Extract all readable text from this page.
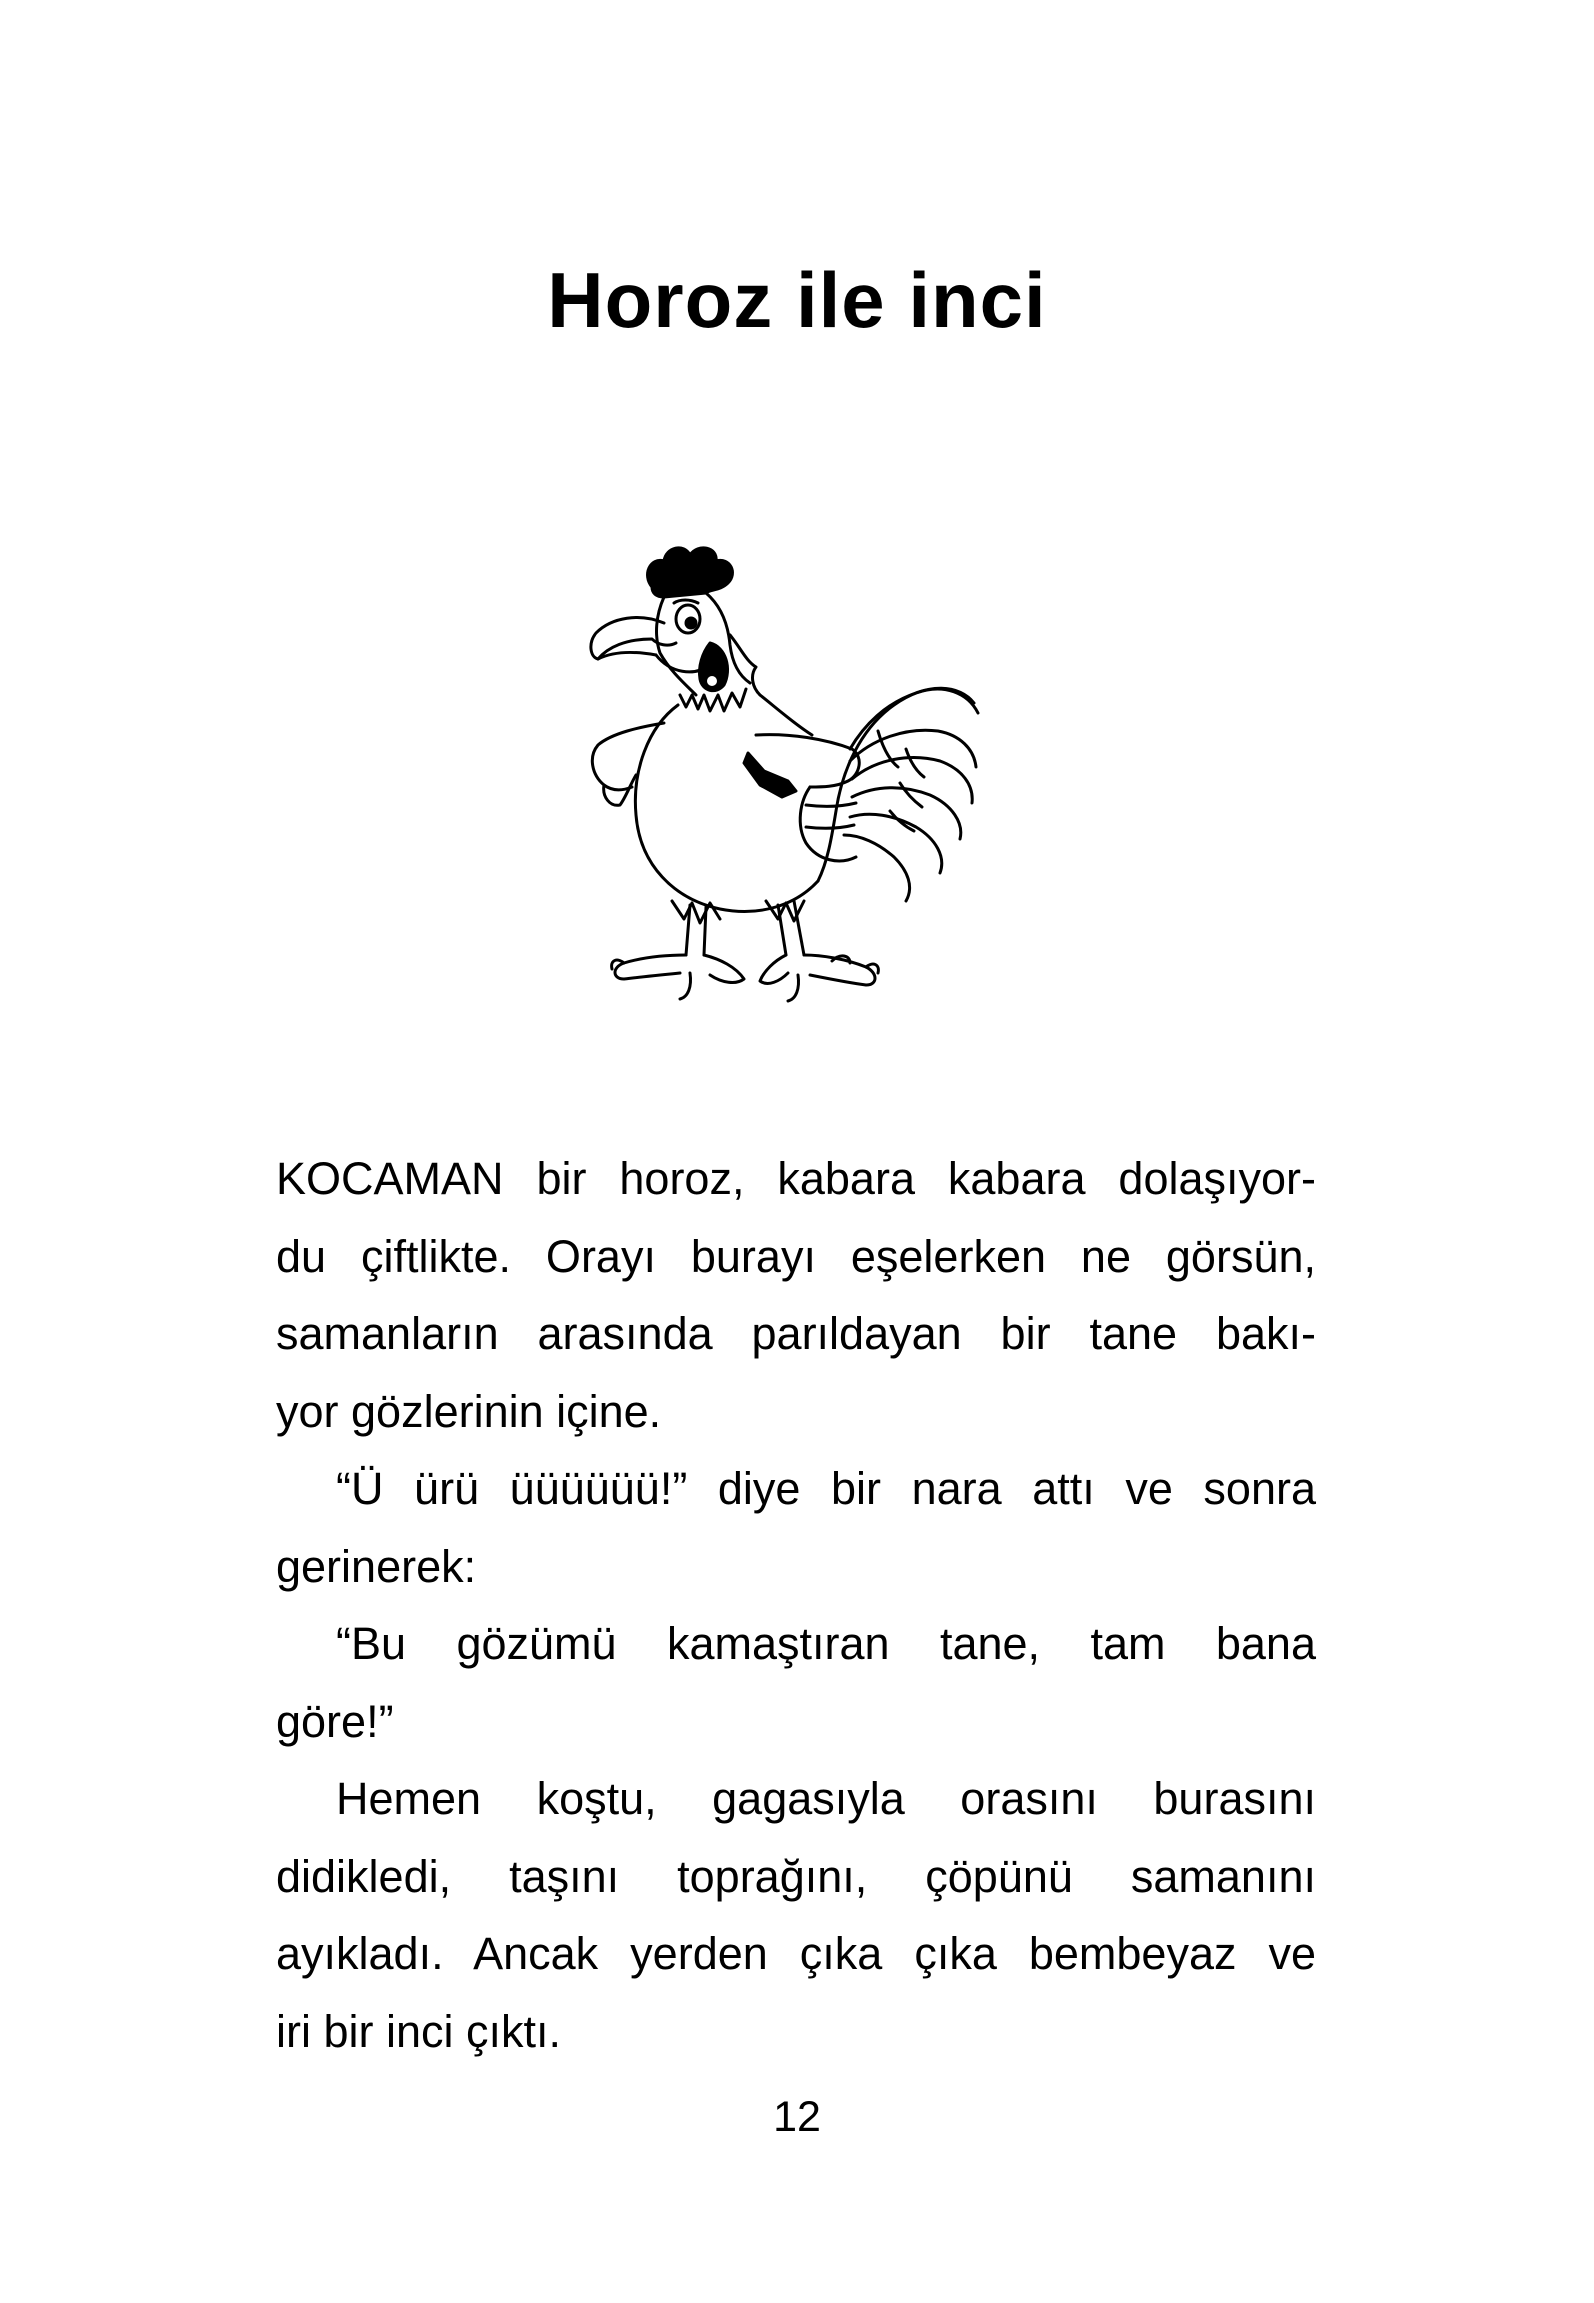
Horoz ile inci
KOCAMAN bir horoz, kabara kabara dolaşıyor-
du çiftlikte. Orayı burayı eşelerken ne görsün,
samanların arasında parıldayan bir tane bakı-
yor gözlerinin içine.
“Ü ürü üüüüüü!” diye bir nara attı ve sonra
gerinerek:
“Bu gözümü kamaştıran tane, tam bana
göre!”
Hemen koştu, gagasıyla orasını burasını
didikledi, taşını toprağını, çöpünü samanını
ayıkladı. Ancak yerden çıka çıka bembeyaz ve
iri bir inci çıktı.
12
